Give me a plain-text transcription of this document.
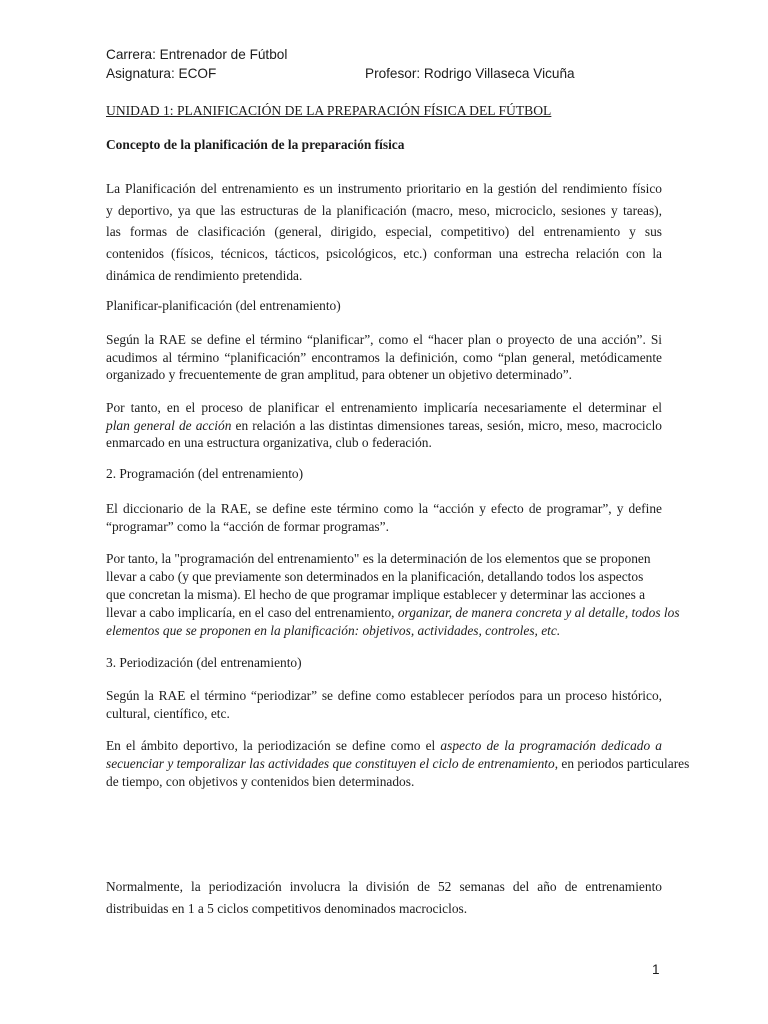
Carrera: Entrenador de Fútbol
Asignatura: ECOF	Profesor: Rodrigo Villaseca Vicuña
UNIDAD 1: PLANIFICACIÓN DE LA PREPARACIÓN FÍSICA DEL FÚTBOL
Concepto de la planificación de la preparación física
La Planificación del entrenamiento es un instrumento prioritario en la gestión del rendimiento físico
y deportivo, ya que las estructuras de la planificación (macro, meso, microciclo, sesiones y tareas),
las formas de clasificación (general, dirigido, especial, competitivo) del entrenamiento y sus
contenidos (físicos, técnicos, tácticos, psicológicos, etc.) conforman una estrecha relación con la
dinámica de rendimiento pretendida.
Planificar-planificación (del entrenamiento)
Según la RAE se define el término “planificar”, como el “hacer plan o proyecto de una acción”. Si
acudimos al término “planificación” encontramos la definición, como “plan general, metódicamente
organizado y frecuentemente de gran amplitud, para obtener un objetivo determinado”.
Por tanto, en el proceso de planificar el entrenamiento implicaría necesariamente el determinar el
plan general de acción en relación a las distintas dimensiones tareas, sesión, micro, meso, macrociclo
enmarcado en una estructura organizativa, club o federación.
2. Programación (del entrenamiento)
El diccionario de la RAE, se define este término como la “acción y efecto de programar”, y define
“programar” como la “acción de formar programas”.
Por tanto, la "programación del entrenamiento" es la determinación de los elementos que se proponen
llevar a cabo (y que previamente son determinados en la planificación, detallando todos los aspectos
que concretan la misma). El hecho de que programar implique establecer y determinar las acciones a
llevar a cabo implicaría, en el caso del entrenamiento, organizar, de manera concreta y al detalle, todos los
elementos que se proponen en la planificación: objetivos, actividades, controles, etc.
3. Periodización (del entrenamiento)
Según la RAE el término “periodizar” se define como establecer períodos para un proceso histórico,
cultural, científico, etc.
En el ámbito deportivo, la periodización se define como el aspecto de la programación dedicado a
secuenciar y temporalizar las actividades que constituyen el ciclo de entrenamiento, en periodos particulares
de tiempo, con objetivos y contenidos bien determinados.
Normalmente, la periodización involucra la división de 52 semanas del año de entrenamiento
distribuidas en 1 a 5 ciclos competitivos denominados macrociclos.
1
